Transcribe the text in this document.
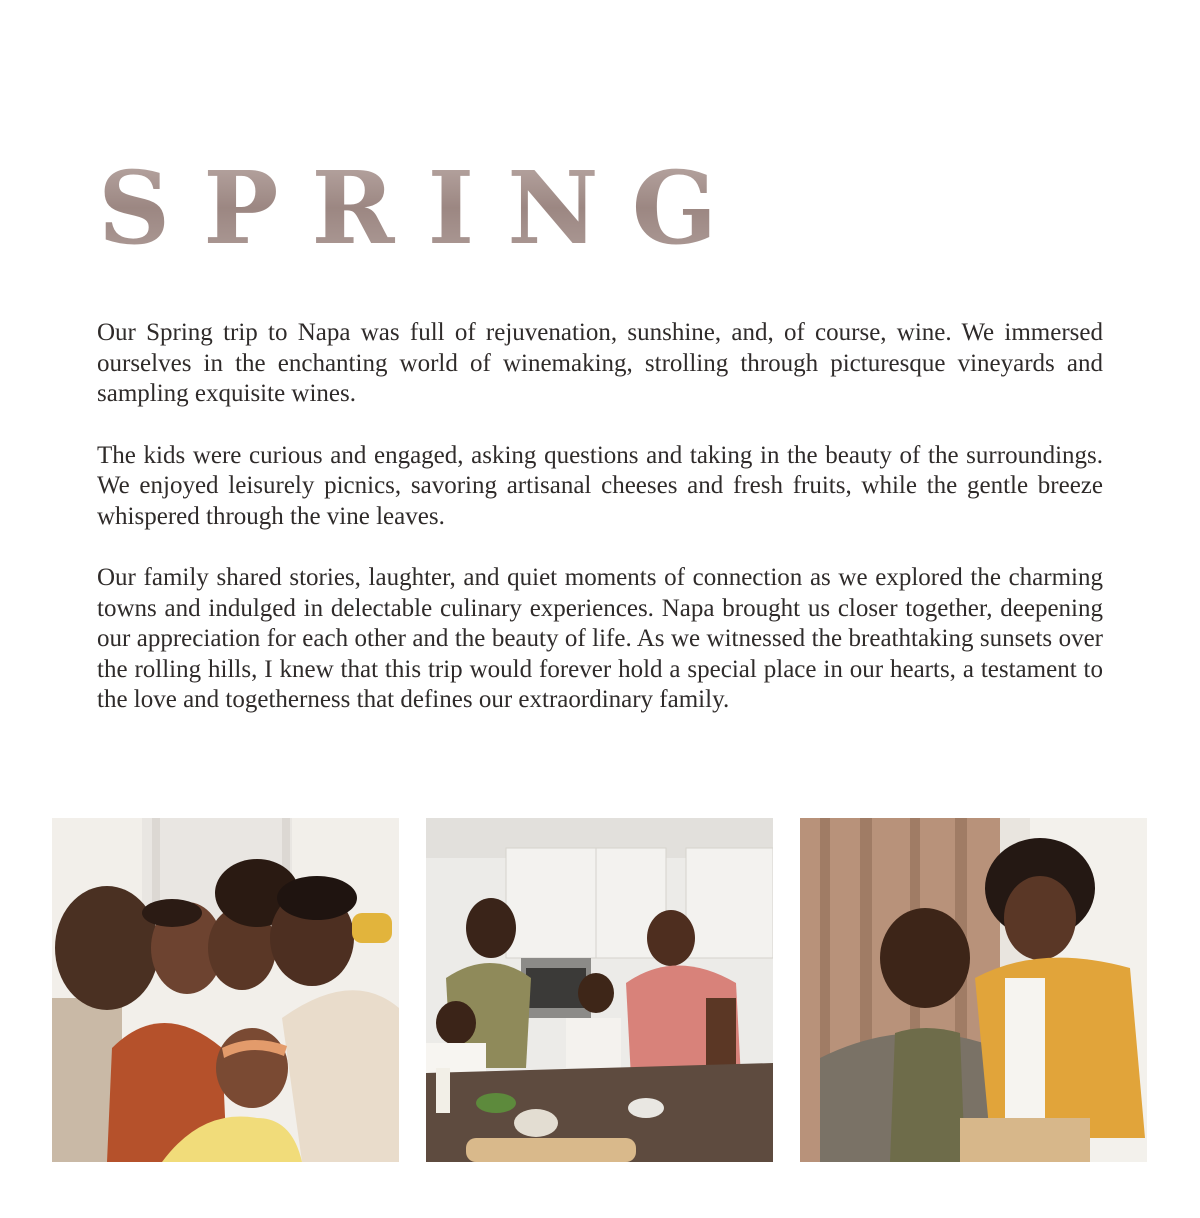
SPRING

Our Spring trip to Napa was full of rejuvenation, sunshine, and, of course, wine. We immersed ourselves in the enchanting world of winemaking, strolling through picturesque vineyards and sampling exquisite wines.

The kids were curious and engaged, asking questions and taking in the beauty of the surroundings. We enjoyed leisurely picnics, savoring artisanal cheeses and fresh fruits, while the gentle breeze whispered through the vine leaves.

Our family shared stories, laughter, and quiet moments of connection as we explored the charming towns and indulged in delectable culinary experiences. Napa brought us closer together, deepening our appreciation for each other and the beauty of life. As we witnessed the breathtaking sunsets over the rolling hills, I knew that this trip would forever hold a special place in our hearts, a testament to the love and togetherness that defines our extraordinary family.
